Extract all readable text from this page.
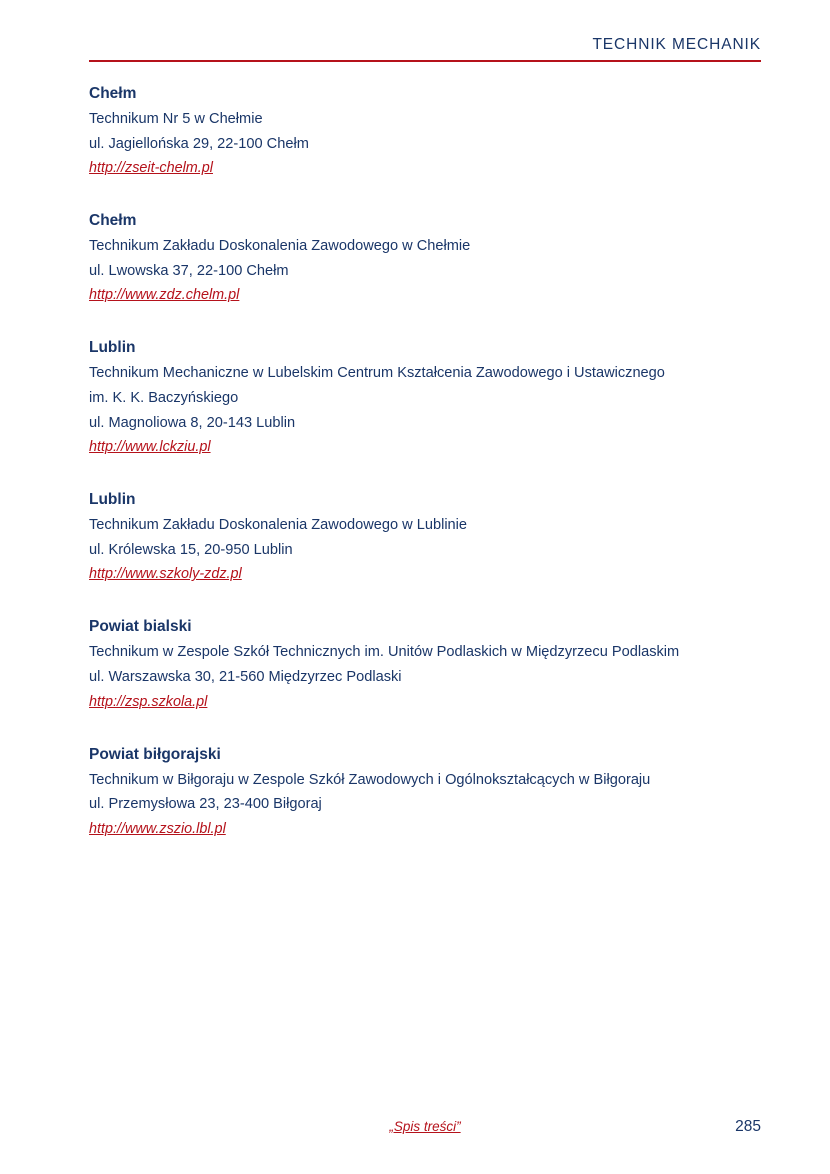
TECHNIK MECHANIK
Chełm
Technikum Nr 5 w Chełmie
ul. Jagiellońska 29, 22-100 Chełm
http://zseit-chelm.pl
Chełm
Technikum Zakładu Doskonalenia Zawodowego w Chełmie
ul. Lwowska 37, 22-100 Chełm
http://www.zdz.chelm.pl
Lublin
Technikum Mechaniczne w Lubelskim Centrum Kształcenia Zawodowego i Ustawicznego
im. K. K. Baczyńskiego
ul. Magnoliowa 8, 20-143 Lublin
http://www.lckziu.pl
Lublin
Technikum Zakładu Doskonalenia Zawodowego w Lublinie
ul. Królewska 15, 20-950 Lublin
http://www.szkoly-zdz.pl
Powiat bialski
Technikum w Zespole Szkół Technicznych im. Unitów Podlaskich w Międzyrzecu Podlaskim
ul. Warszawska 30, 21-560 Międzyrzec Podlaski
http://zsp.szkola.pl
Powiat biłgorajski
Technikum w Biłgoraju w Zespole Szkół Zawodowych i Ogólnokształcących w Biłgoraju
ul. Przemysłowa 23, 23-400 Biłgoraj
http://www.zszio.lbl.pl
„Spis treści”	285
